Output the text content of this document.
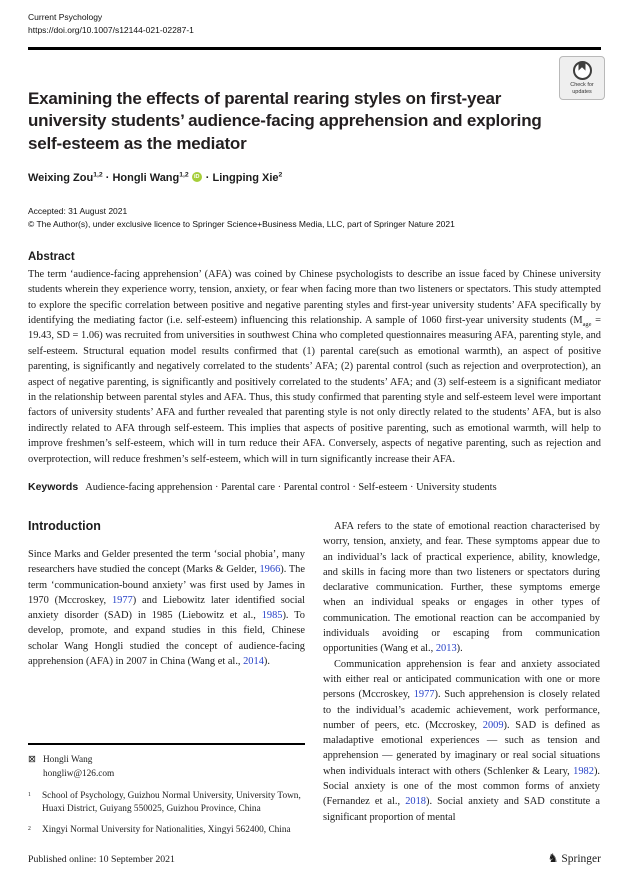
Current Psychology
https://doi.org/10.1007/s12144-021-02287-1
Check for
updates
Examining the effects of parental rearing styles on first-year university students’ audience-facing apprehension and exploring self-esteem as the mediator
Weixing Zou$^{1,2}$ · Hongli Wang$^{1,2}$ iD · Lingping Xie$^2$
Accepted: 31 August 2021
© The Author(s), under exclusive licence to Springer Science+Business Media, LLC, part of Springer Nature 2021
Abstract

The term ‘audience-facing apprehension’ (AFA) was coined by Chinese psychologists to describe an issue faced by Chinese university students wherein they experience worry, tension, anxiety, or fear when facing more than two listeners or spectators. This study attempted to explore the specific correlation between positive and negative parenting styles and first-year university students’ AFA specifically by identifying the mediating factor (i.e. self-esteem) influencing this relationship. A sample of 1060 first-year university students ($M_{age} = 19.43$, SD = 1.06) was recruited from universities in southwest China who completed questionnaires measuring AFA, parenting style, and self-esteem. Structural equation model results confirmed that (1) parental care(such as emotional warmth), an aspect of positive parenting, is significantly and negatively correlated to the students’ AFA; (2) parental control (such as rejection and overprotection), an aspect of negative parenting, is significantly and positively correlated to the students’ AFA; and (3) self-esteem is a significant mediator in the relationship between parental styles and AFA. Thus, this study confirmed that parenting style and self-esteem level were important factors of university students’ AFA and further revealed that parenting style is not only directly related to the students’ AFA, but is also indirectly related to AFA through self-esteem. This implies that aspects of positive parenting, such as emotional warmth, will help to improve freshmen’s self-esteem, which will in turn reduce their AFA. Conversely, aspects of negative parenting, such as rejection and overprotection, will reduce freshmen’s self-esteem, which will in turn significantly increase their AFA.

Keywords Audience-facing apprehension · Parental care · Parental control · Self-esteem · University students
Introduction

Since Marks and Gelder presented the term ‘social phobia’, many researchers have studied the concept (Marks & Gelder, 1966). The term ‘communication-bound anxiety’ was first used by James in 1970 (Mccroskey, 1977) and Liebowitz later identified social anxiety disorder (SAD) in 1985 (Liebowitz et al., 1985). To develop, promote, and expand studies in this field, Chinese scholar Wang Hongli studied the concept of audience-facing apprehension (AFA) in 2007 in China (Wang et al., 2014).

⊠ Hongli Wang
hongliw@126.com
1	School of Psychology, Guizhou Normal University, University Town, Huaxi District, Guiyang 550025, Guizhou Province, China
2	Xingyi Normal University for Nationalities, Xingyi 562400, China

AFA refers to the state of emotional reaction characterised by worry, tension, anxiety, and fear. These symptoms appear due to an individual’s lack of practical experience, ability, knowledge, and skills in facing more than two listeners or spectators during declarative communication. Further, these symptoms emerge when an individual speaks or engages in other types of communication. The emotional reaction can be accompanied by individuals avoiding or escaping from communication opportunities (Wang et al., 2013).

Communication apprehension is fear and anxiety associated with either real or anticipated communication with one or more persons (Mccroskey, 1977). Such apprehension is closely related to the individual’s academic achievement, work performance, number of peers, etc. (Mccroskey, 2009). SAD is defined as maladaptive emotional experiences — such as tension and apprehension — generated by imaginary or real social situations when individuals interact with others (Schlenker & Leary, 1982). Social anxiety is one of the most common forms of anxiety (Fernandez et al., 2018). Social anxiety and SAD constitute a significant proportion of mental

Published online: 10 September 2021	♞ Springer
